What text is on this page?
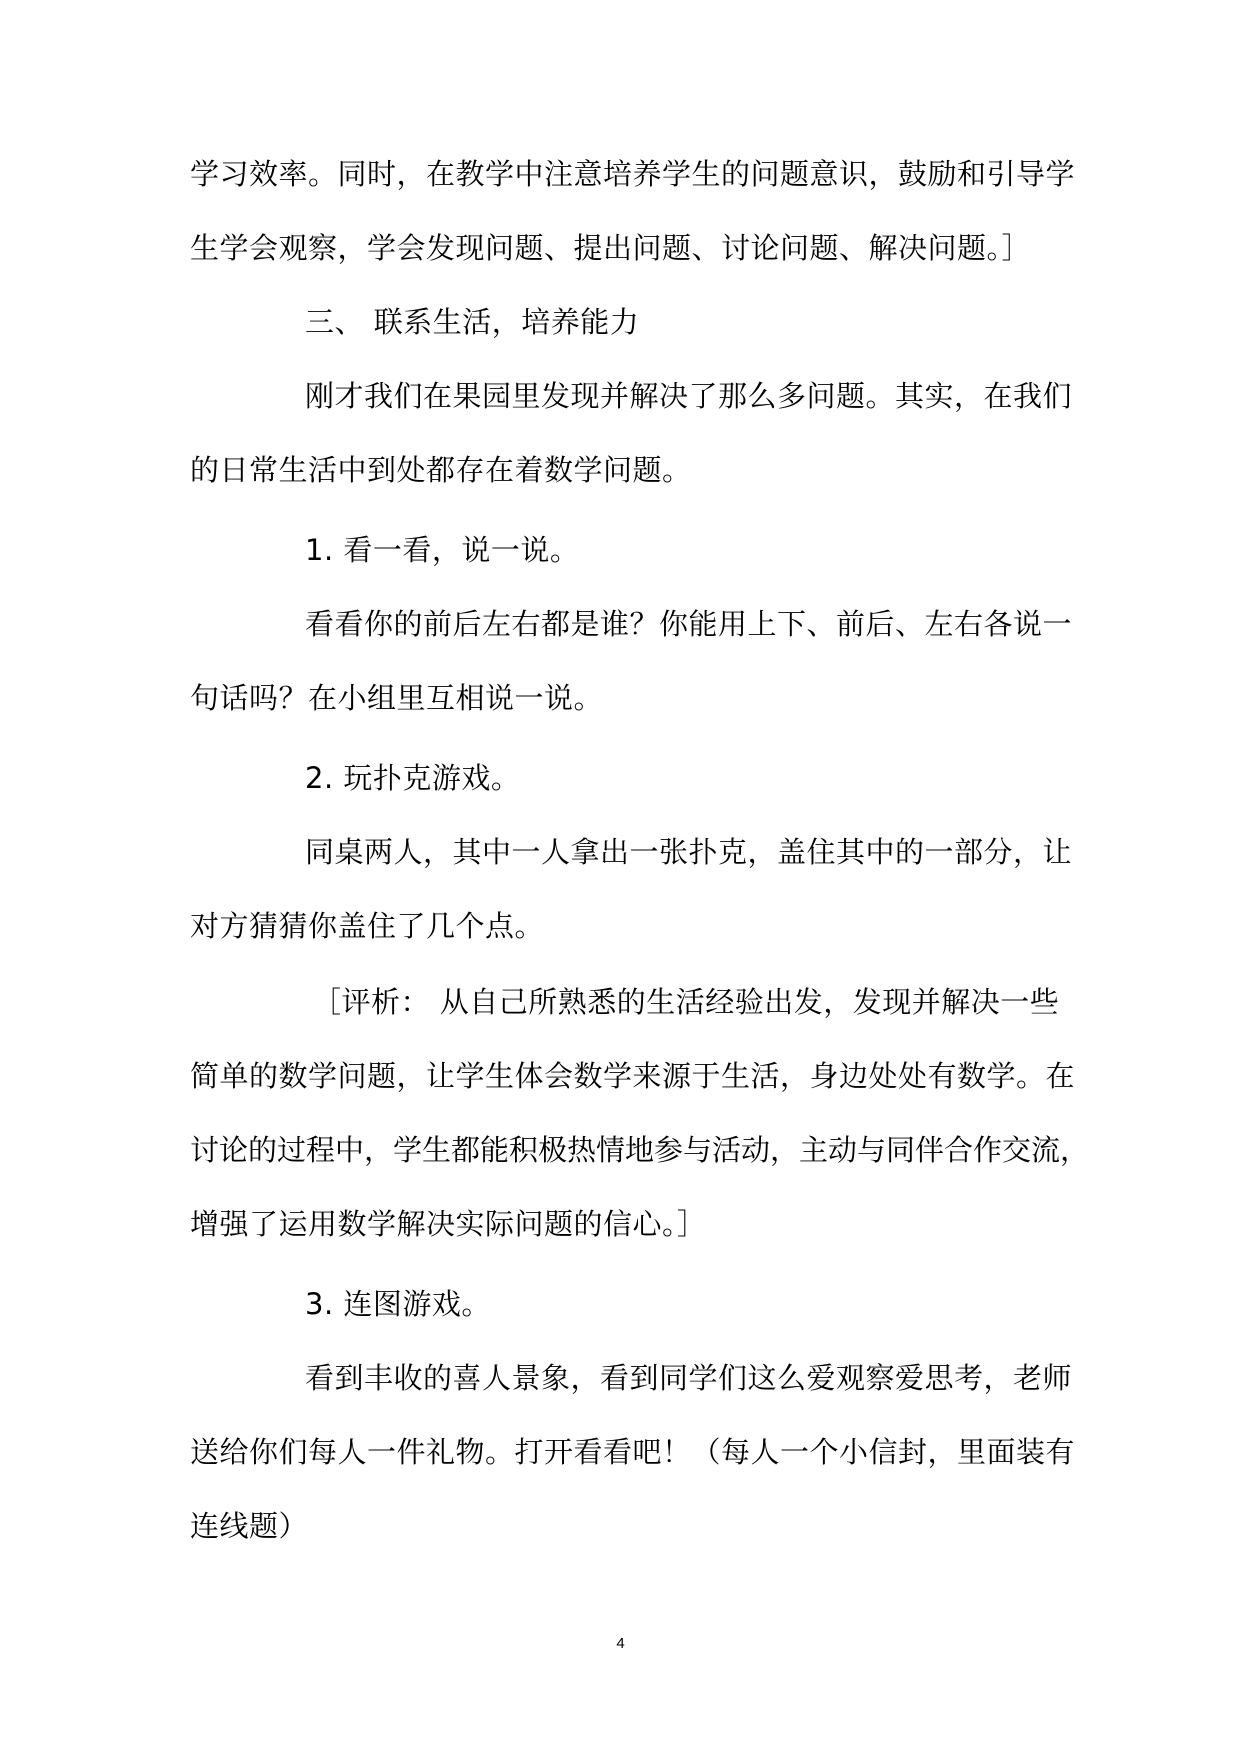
学习效率。同时，在教学中注意培养学生的问题意识，鼓励和引导学
生学会观察，学会发现问题、提出问题、讨论问题、解决问题。］
三、 联系生活，培养能力
刚才我们在果园里发现并解决了那么多问题。其实，在我们
的日常生活中到处都存在着数学问题。
1. 看一看，说一说。
看看你的前后左右都是谁？你能用上下、前后、左右各说一
句话吗？在小组里互相说一说。
2. 玩扑克游戏。
同桌两人，其中一人拿出一张扑克，盖住其中的一部分，让
对方猜猜你盖住了几个点。
［评析： 从自己所熟悉的生活经验出发，发现并解决一些
简单的数学问题，让学生体会数学来源于生活，身边处处有数学。在
讨论的过程中，学生都能积极热情地参与活动，主动与同伴合作交流，
增强了运用数学解决实际问题的信心。］
3. 连图游戏。
看到丰收的喜人景象，看到同学们这么爱观察爱思考，老师
送给你们每人一件礼物。打开看看吧！（每人一个小信封，里面装有
连线题）
4
